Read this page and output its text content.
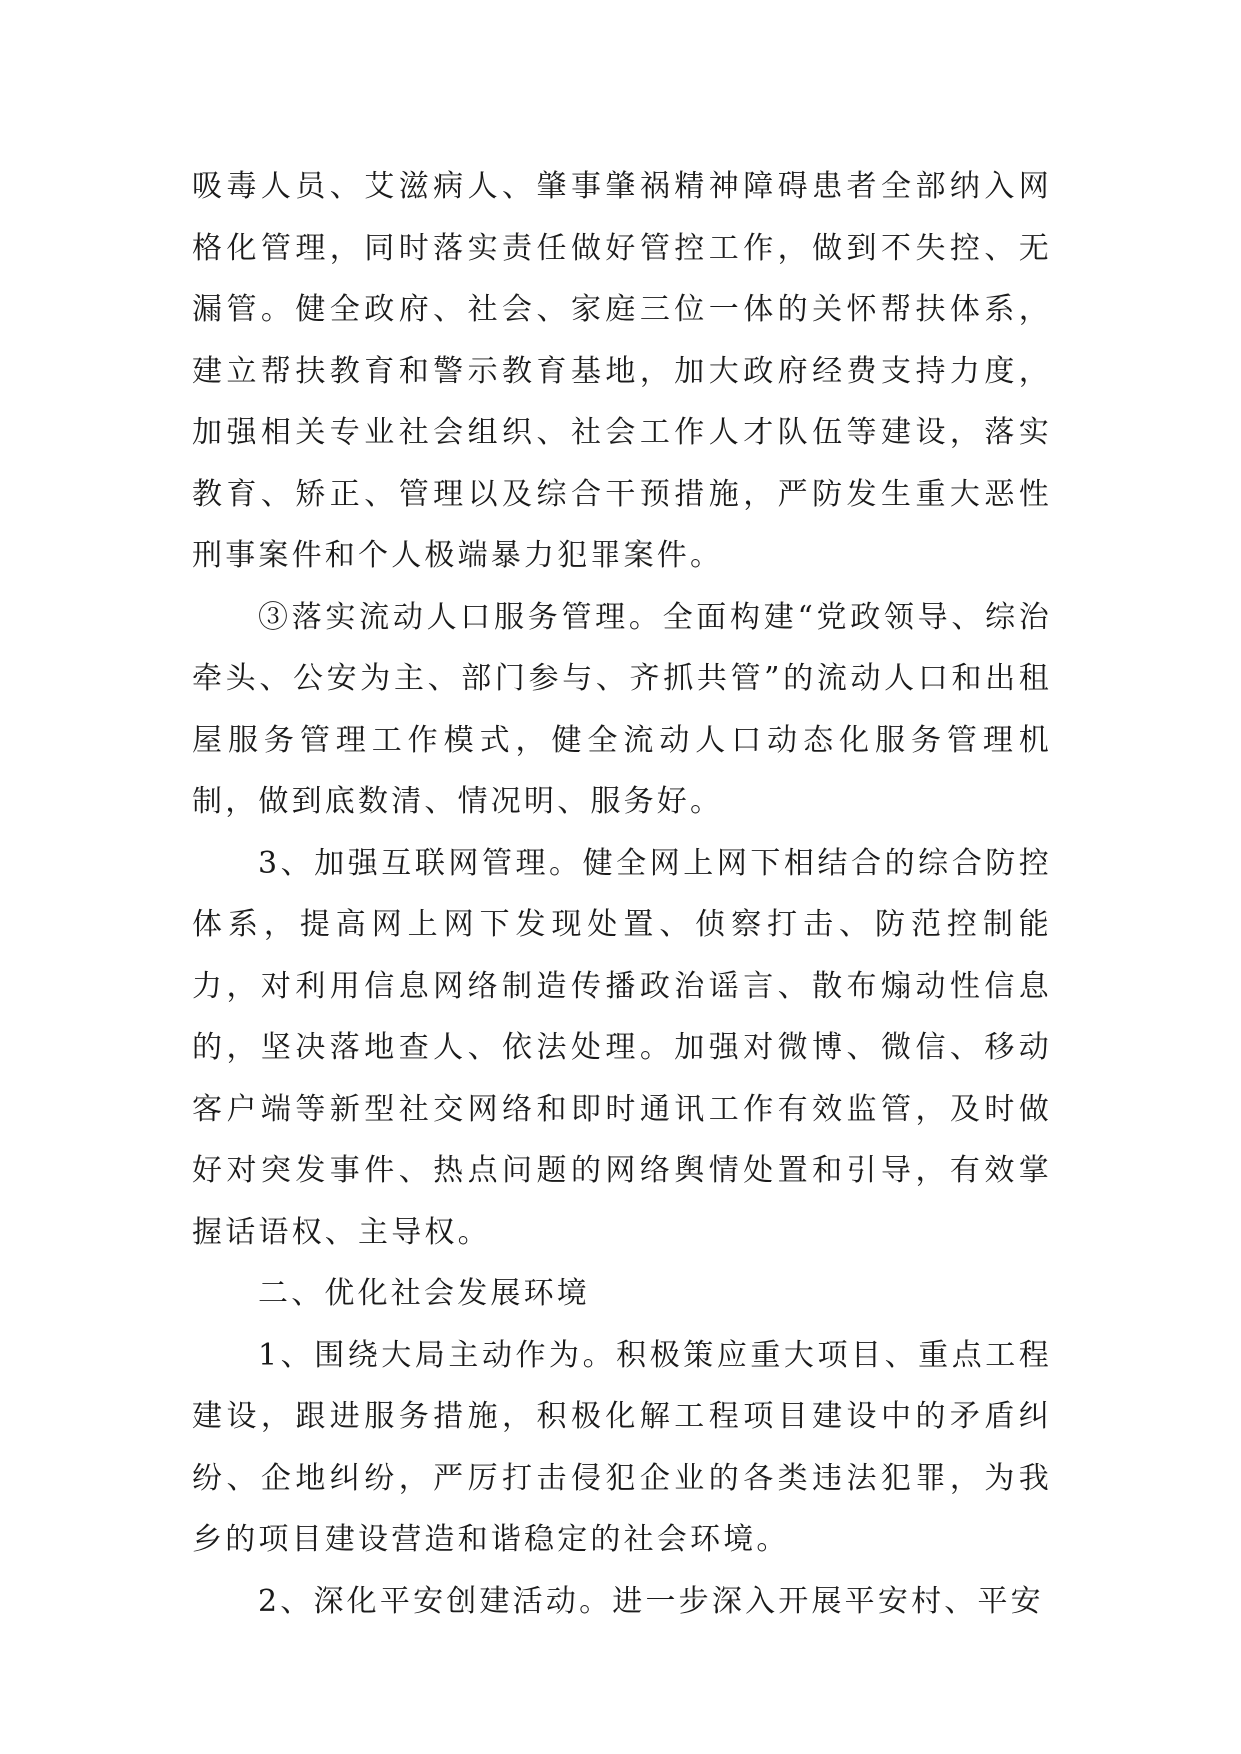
吸毒人员、艾滋病人、肇事肇祸精神障碍患者全部纳入网格化管理，同时落实责任做好管控工作，做到不失控、无漏管。健全政府、社会、家庭三位一体的关怀帮扶体系，建立帮扶教育和警示教育基地，加大政府经费支持力度，加强相关专业社会组织、社会工作人才队伍等建设，落实教育、矫正、管理以及综合干预措施，严防发生重大恶性刑事案件和个人极端暴力犯罪案件。

③落实流动人口服务管理。全面构建“党政领导、综治牵头、公安为主、部门参与、齐抓共管”的流动人口和出租屋服务管理工作模式，健全流动人口动态化服务管理机制，做到底数清、情况明、服务好。

3、加强互联网管理。健全网上网下相结合的综合防控体系，提高网上网下发现处置、侦察打击、防范控制能力，对利用信息网络制造传播政治谣言、散布煽动性信息的，坚决落地查人、依法处理。加强对微博、微信、移动客户端等新型社交网络和即时通讯工作有效监管，及时做好对突发事件、热点问题的网络舆情处置和引导，有效掌握话语权、主导权。

二、优化社会发展环境

1、围绕大局主动作为。积极策应重大项目、重点工程建设，跟进服务措施，积极化解工程项目建设中的矛盾纠纷、企地纠纷，严厉打击侵犯企业的各类违法犯罪，为我乡的项目建设营造和谐稳定的社会环境。

2、深化平安创建活动。进一步深入开展平安村、平安
